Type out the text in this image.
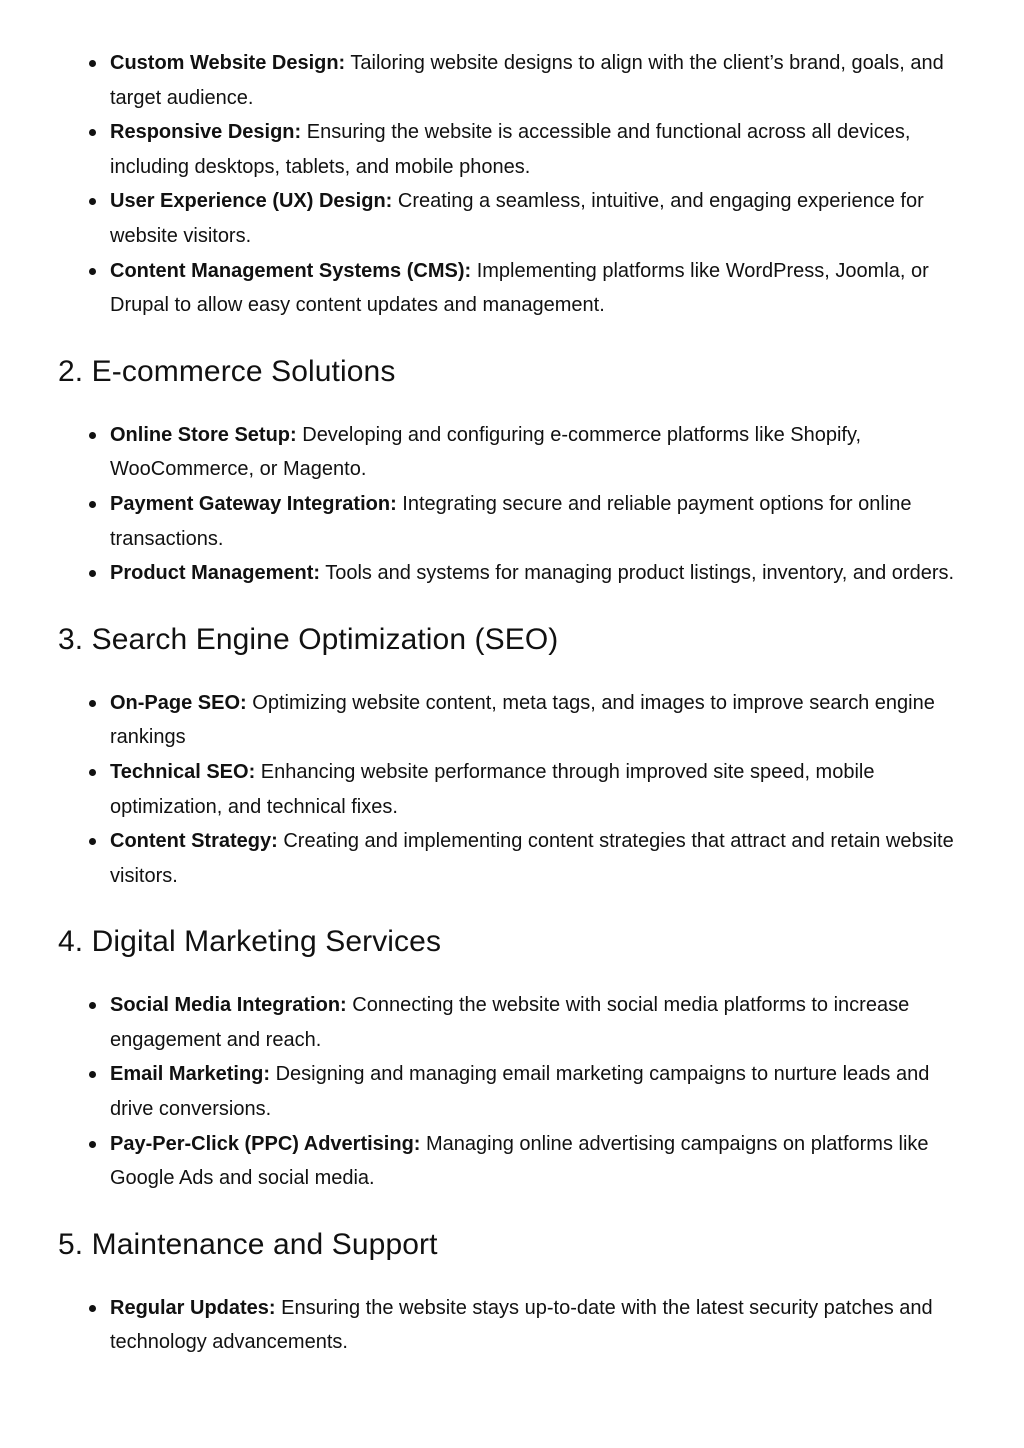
Custom Website Design: Tailoring website designs to align with the client’s brand, goals, and target audience.
Responsive Design: Ensuring the website is accessible and functional across all devices, including desktops, tablets, and mobile phones.
User Experience (UX) Design: Creating a seamless, intuitive, and engaging experience for website visitors.
Content Management Systems (CMS): Implementing platforms like WordPress, Joomla, or Drupal to allow easy content updates and management.
2. E-commerce Solutions
Online Store Setup: Developing and configuring e-commerce platforms like Shopify, WooCommerce, or Magento.
Payment Gateway Integration: Integrating secure and reliable payment options for online transactions.
Product Management: Tools and systems for managing product listings, inventory, and orders.
3. Search Engine Optimization (SEO)
On-Page SEO: Optimizing website content, meta tags, and images to improve search engine rankings
Technical SEO: Enhancing website performance through improved site speed, mobile optimization, and technical fixes.
Content Strategy: Creating and implementing content strategies that attract and retain website visitors.
4. Digital Marketing Services
Social Media Integration: Connecting the website with social media platforms to increase engagement and reach.
Email Marketing: Designing and managing email marketing campaigns to nurture leads and drive conversions.
Pay-Per-Click (PPC) Advertising: Managing online advertising campaigns on platforms like Google Ads and social media.
5. Maintenance and Support
Regular Updates: Ensuring the website stays up-to-date with the latest security patches and technology advancements.
